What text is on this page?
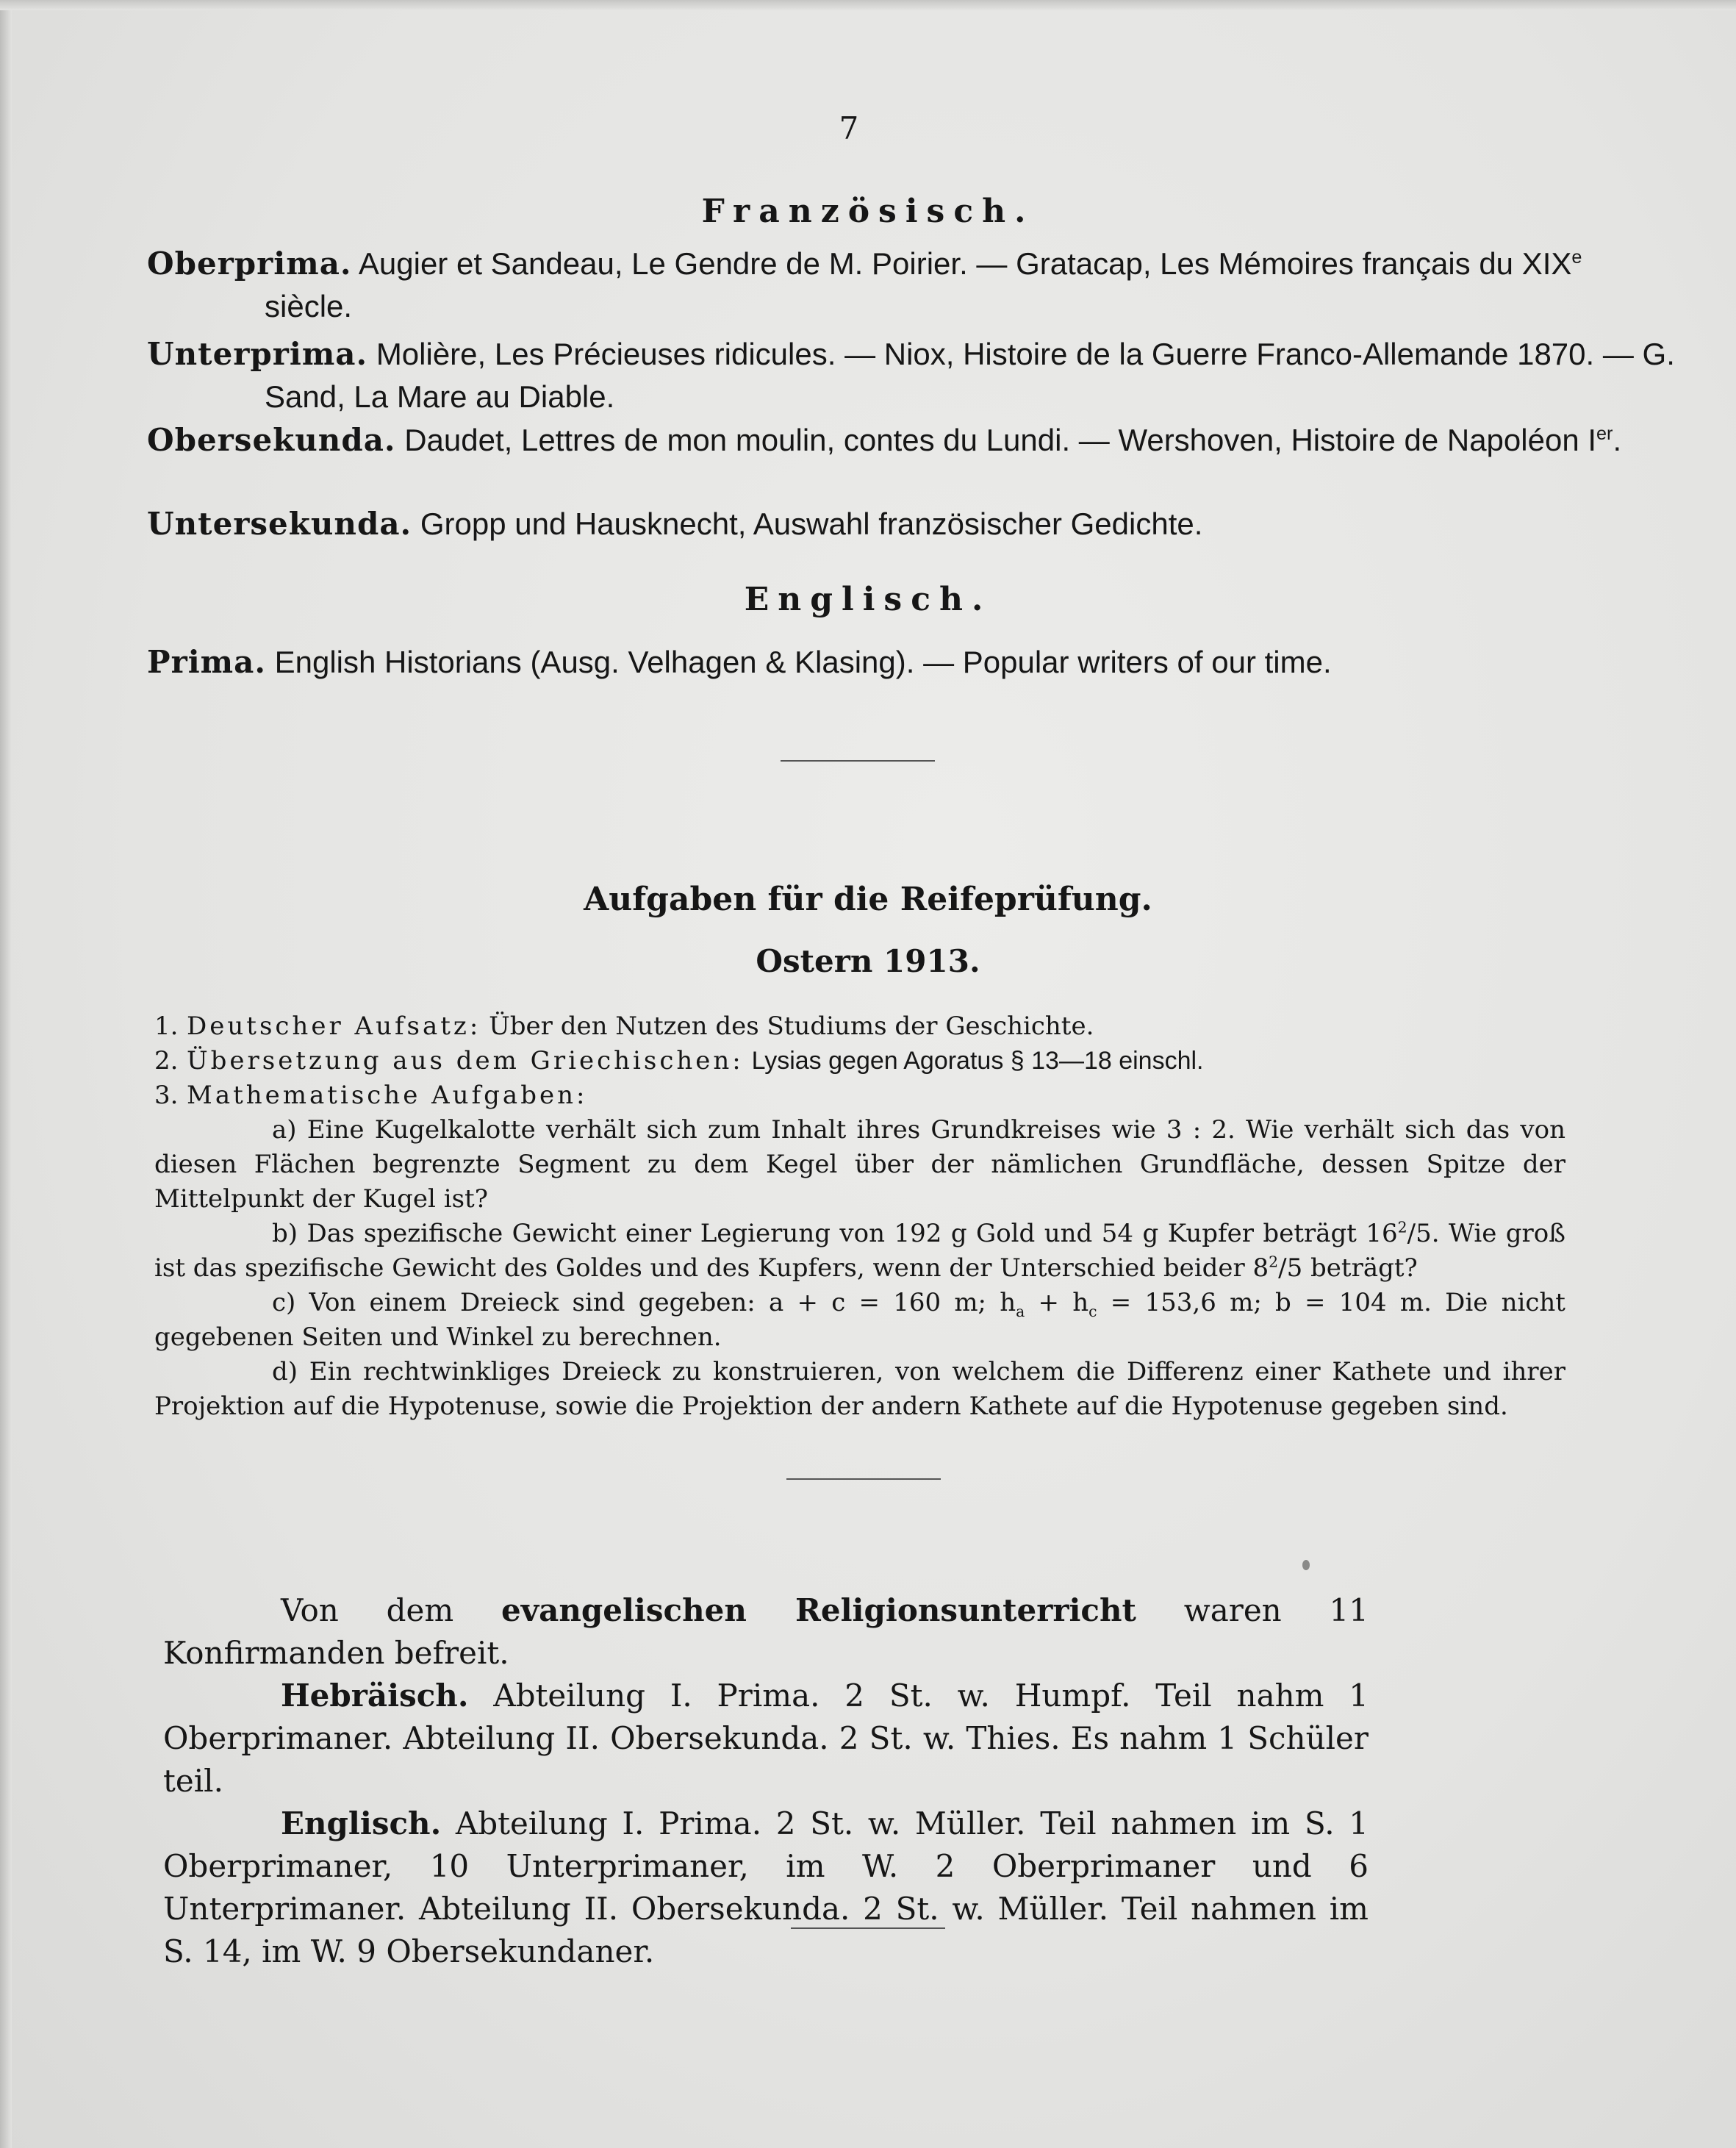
7
Französisch.
Oberprima. Augier et Sandeau, Le Gendre de M. Poirier. — Gratacap, Les Mémoires français du XIXe siècle.
Unterprima. Molière, Les Précieuses ridicules. — Niox, Histoire de la Guerre Franco-Allemande 1870. — G. Sand, La Mare au Diable.
Obersekunda. Daudet, Lettres de mon moulin, contes du Lundi. — Wershoven, Histoire de Napoléon Ier.
Untersekunda. Gropp und Hausknecht, Auswahl französischer Gedichte.
Englisch.
Prima. English Historians (Ausg. Velhagen & Klasing). — Popular writers of our time.
Aufgaben für die Reifeprüfung.
Ostern 1913.
1. Deutscher Aufsatz: Über den Nutzen des Studiums der Geschichte.
2. Übersetzung aus dem Griechischen: Lysias gegen Agoratus § 13—18 einschl.
3. Mathematische Aufgaben:

a) Eine Kugelkalotte verhält sich zum Inhalt ihres Grundkreises wie 3 : 2. Wie verhält sich das von diesen Flächen begrenzte Segment zu dem Kegel über der nämlichen Grundfläche, dessen Spitze der Mittelpunkt der Kugel ist?

b) Das spezifische Gewicht einer Legierung von 192 g Gold und 54 g Kupfer beträgt $16^2/5$. Wie groß ist das spezifische Gewicht des Goldes und des Kupfers, wenn der Unterschied beider $8^2/5$ beträgt?

c) Von einem Dreieck sind gegeben: a + c = 160 m; $h_a + h_c = 153,6$ m; b = 104 m. Die nicht gegebenen Seiten und Winkel zu berechnen.

d) Ein rechtwinkliges Dreieck zu konstruieren, von welchem die Differenz einer Kathete und ihrer Projektion auf die Hypotenuse, sowie die Projektion der andern Kathete auf die Hypotenuse gegeben sind.

Von dem evangelischen Religionsunterricht waren 11 Konfirmanden befreit.

Hebräisch. Abteilung I. Prima. 2 St. w. Humpf. Teil nahm 1 Oberprimaner. Abteilung II. Obersekunda. 2 St. w. Thies. Es nahm 1 Schüler teil.

Englisch. Abteilung I. Prima. 2 St. w. Müller. Teil nahmen im S. 1 Oberprimaner, 10 Unterprimaner, im W. 2 Oberprimaner und 6 Unterprimaner. Abteilung II. Obersekunda. 2 St. w. Müller. Teil nahmen im S. 14, im W. 9 Obersekundaner.
